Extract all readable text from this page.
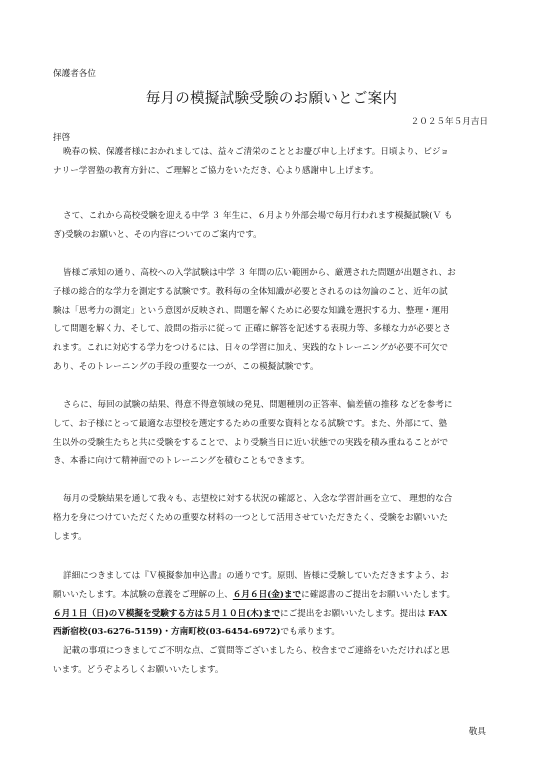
保護者各位
毎月の模擬試験受験のお願いとご案内
２０２５年５月吉日
拝啓
晩春の候、保護者様におかれましては、益々ご清栄のこととお慶び申し上げます。日頃より、ビジョ
ナリー学習塾の教育方針に、ご理解とご協力をいただき、心より感謝申し上げます。
さて、これから高校受験を迎える中学 ３ 年生に、６月より外部会場で毎月行われます模擬試験(Ｖ も
ぎ)受験のお願いと、その内容についてのご案内です。
皆様ご承知の通り、高校への入学試験は中学 ３ 年間の広い範囲から、厳選された問題が出題され、お
子様の総合的な学力を測定する試験です。教科毎の全体知識が必要とされるのは勿論のこと、近年の試
験は「思考力の測定」という意図が反映され、問題を解くために必要な知識を選択する力、整理・運用
して問題を解く力、そして、設問の指示に従って 正確に解答を記述する表現力等、多様な力が必要とさ
れます。これに対応する学力をつけるには、日々の学習に加え、実践的なトレーニングが必要不可欠で
あり、そのトレーニングの手段の重要な一つが、この模擬試験です。
さらに、毎回の試験の結果、得意不得意領域の発見、問題種別の正答率、偏差値の推移 などを参考に
して、お子様にとって最適な志望校を選定するための重要な資料となる試験です。また、外部にて、塾
生以外の受験生たちと共に受験をすることで、より受験当日に近い状態での実践を積み重ねることがで
き、本番に向けて精神面でのトレーニングを積むこともできます。
毎月の受験結果を通して我々も、志望校に対する状況の確認と、入念な学習計画を立て、 理想的な合
格力を身につけていただくための重要な材料の一つとして活用させていただきたく、受験をお願いいた
します。
詳細につきましては『Ｖ模擬参加申込書』の通りです。原則、皆様に受験していただきますよう、お
願いいたします。本試験の意義をご理解の上、６月６日(金)までに確認書のご提出をお願いいたします。
６月１日（日)のＶ模擬を受験する方は５月１０日(木)までにご提出をお願いいたします。提出は FAX
西新宿校(03-6276-5159)・方南町校(03-6454-6972)でも承ります。
記載の事項につきましてご不明な点、ご質問等ございましたら、校舎までご連絡をいただければと思
います。どうぞよろしくお願いいたします。
敬具
